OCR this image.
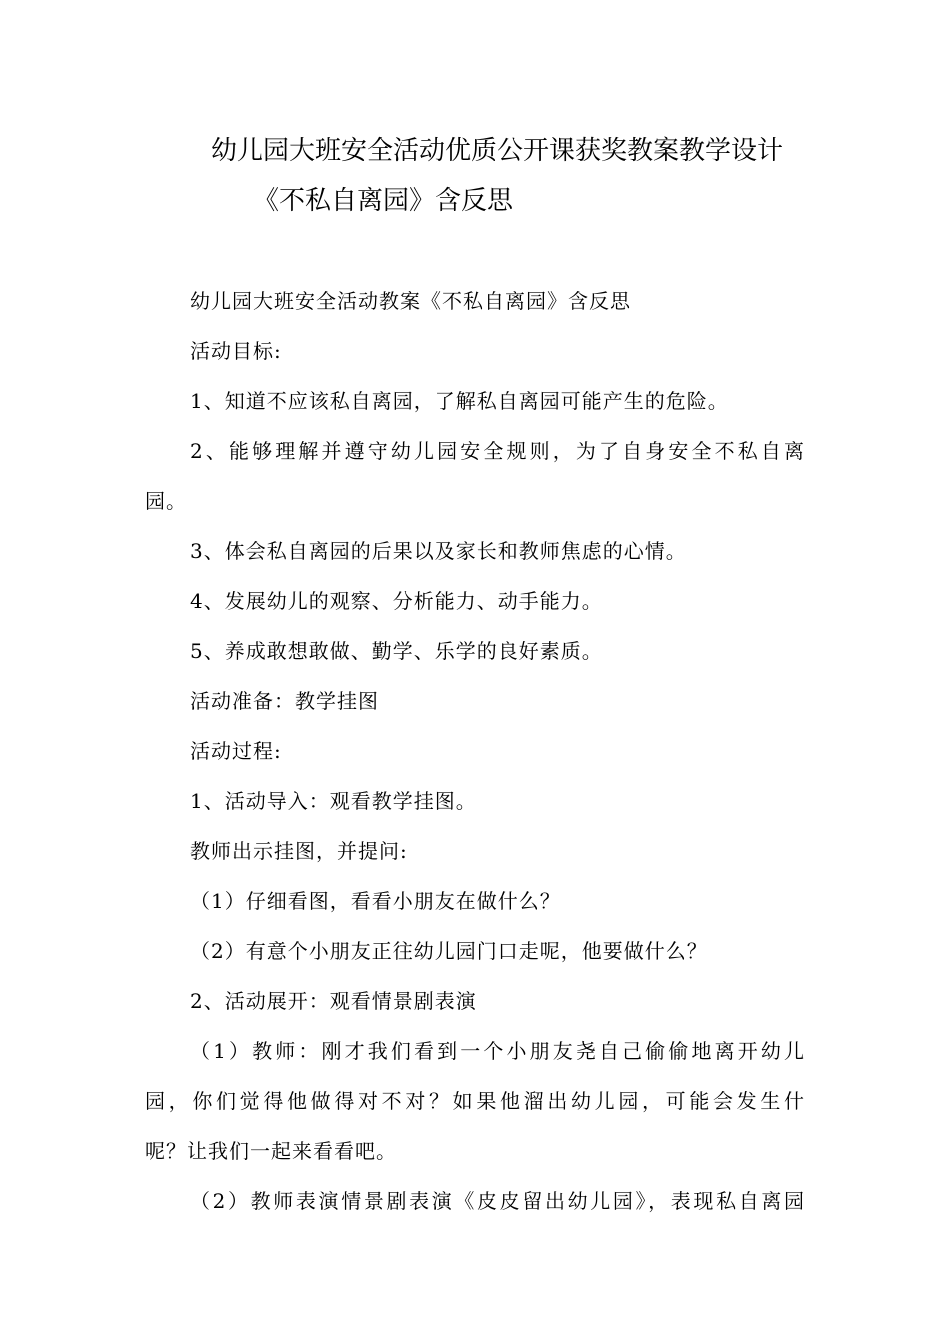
幼儿园大班安全活动优质公开课获奖教案教学设计
《不私自离园》含反思
幼儿园大班安全活动教案《不私自离园》含反思
活动目标:
1、知道不应该私自离园，了解私自离园可能产生的危险。
2、能够理解并遵守幼儿园安全规则，为了自身安全不私自离
园。
3、体会私自离园的后果以及家长和教师焦虑的心情。
4、发展幼儿的观察、分析能力、动手能力。
5、养成敢想敢做、勤学、乐学的良好素质。
活动准备：教学挂图
活动过程:
1、活动导入：观看教学挂图。
教师出示挂图，并提问:
（1）仔细看图，看看小朋友在做什么？
（2）有意个小朋友正往幼儿园门口走呢，他要做什么？
2、活动展开：观看情景剧表演
（1）教师：刚才我们看到一个小朋友尧自己偷偷地离开幼儿
园，你们觉得他做得对不对？如果他溜出幼儿园，可能会发生什
呢？让我们一起来看看吧。
（2）教师表演情景剧表演《皮皮留出幼儿园》，表现私自离园
